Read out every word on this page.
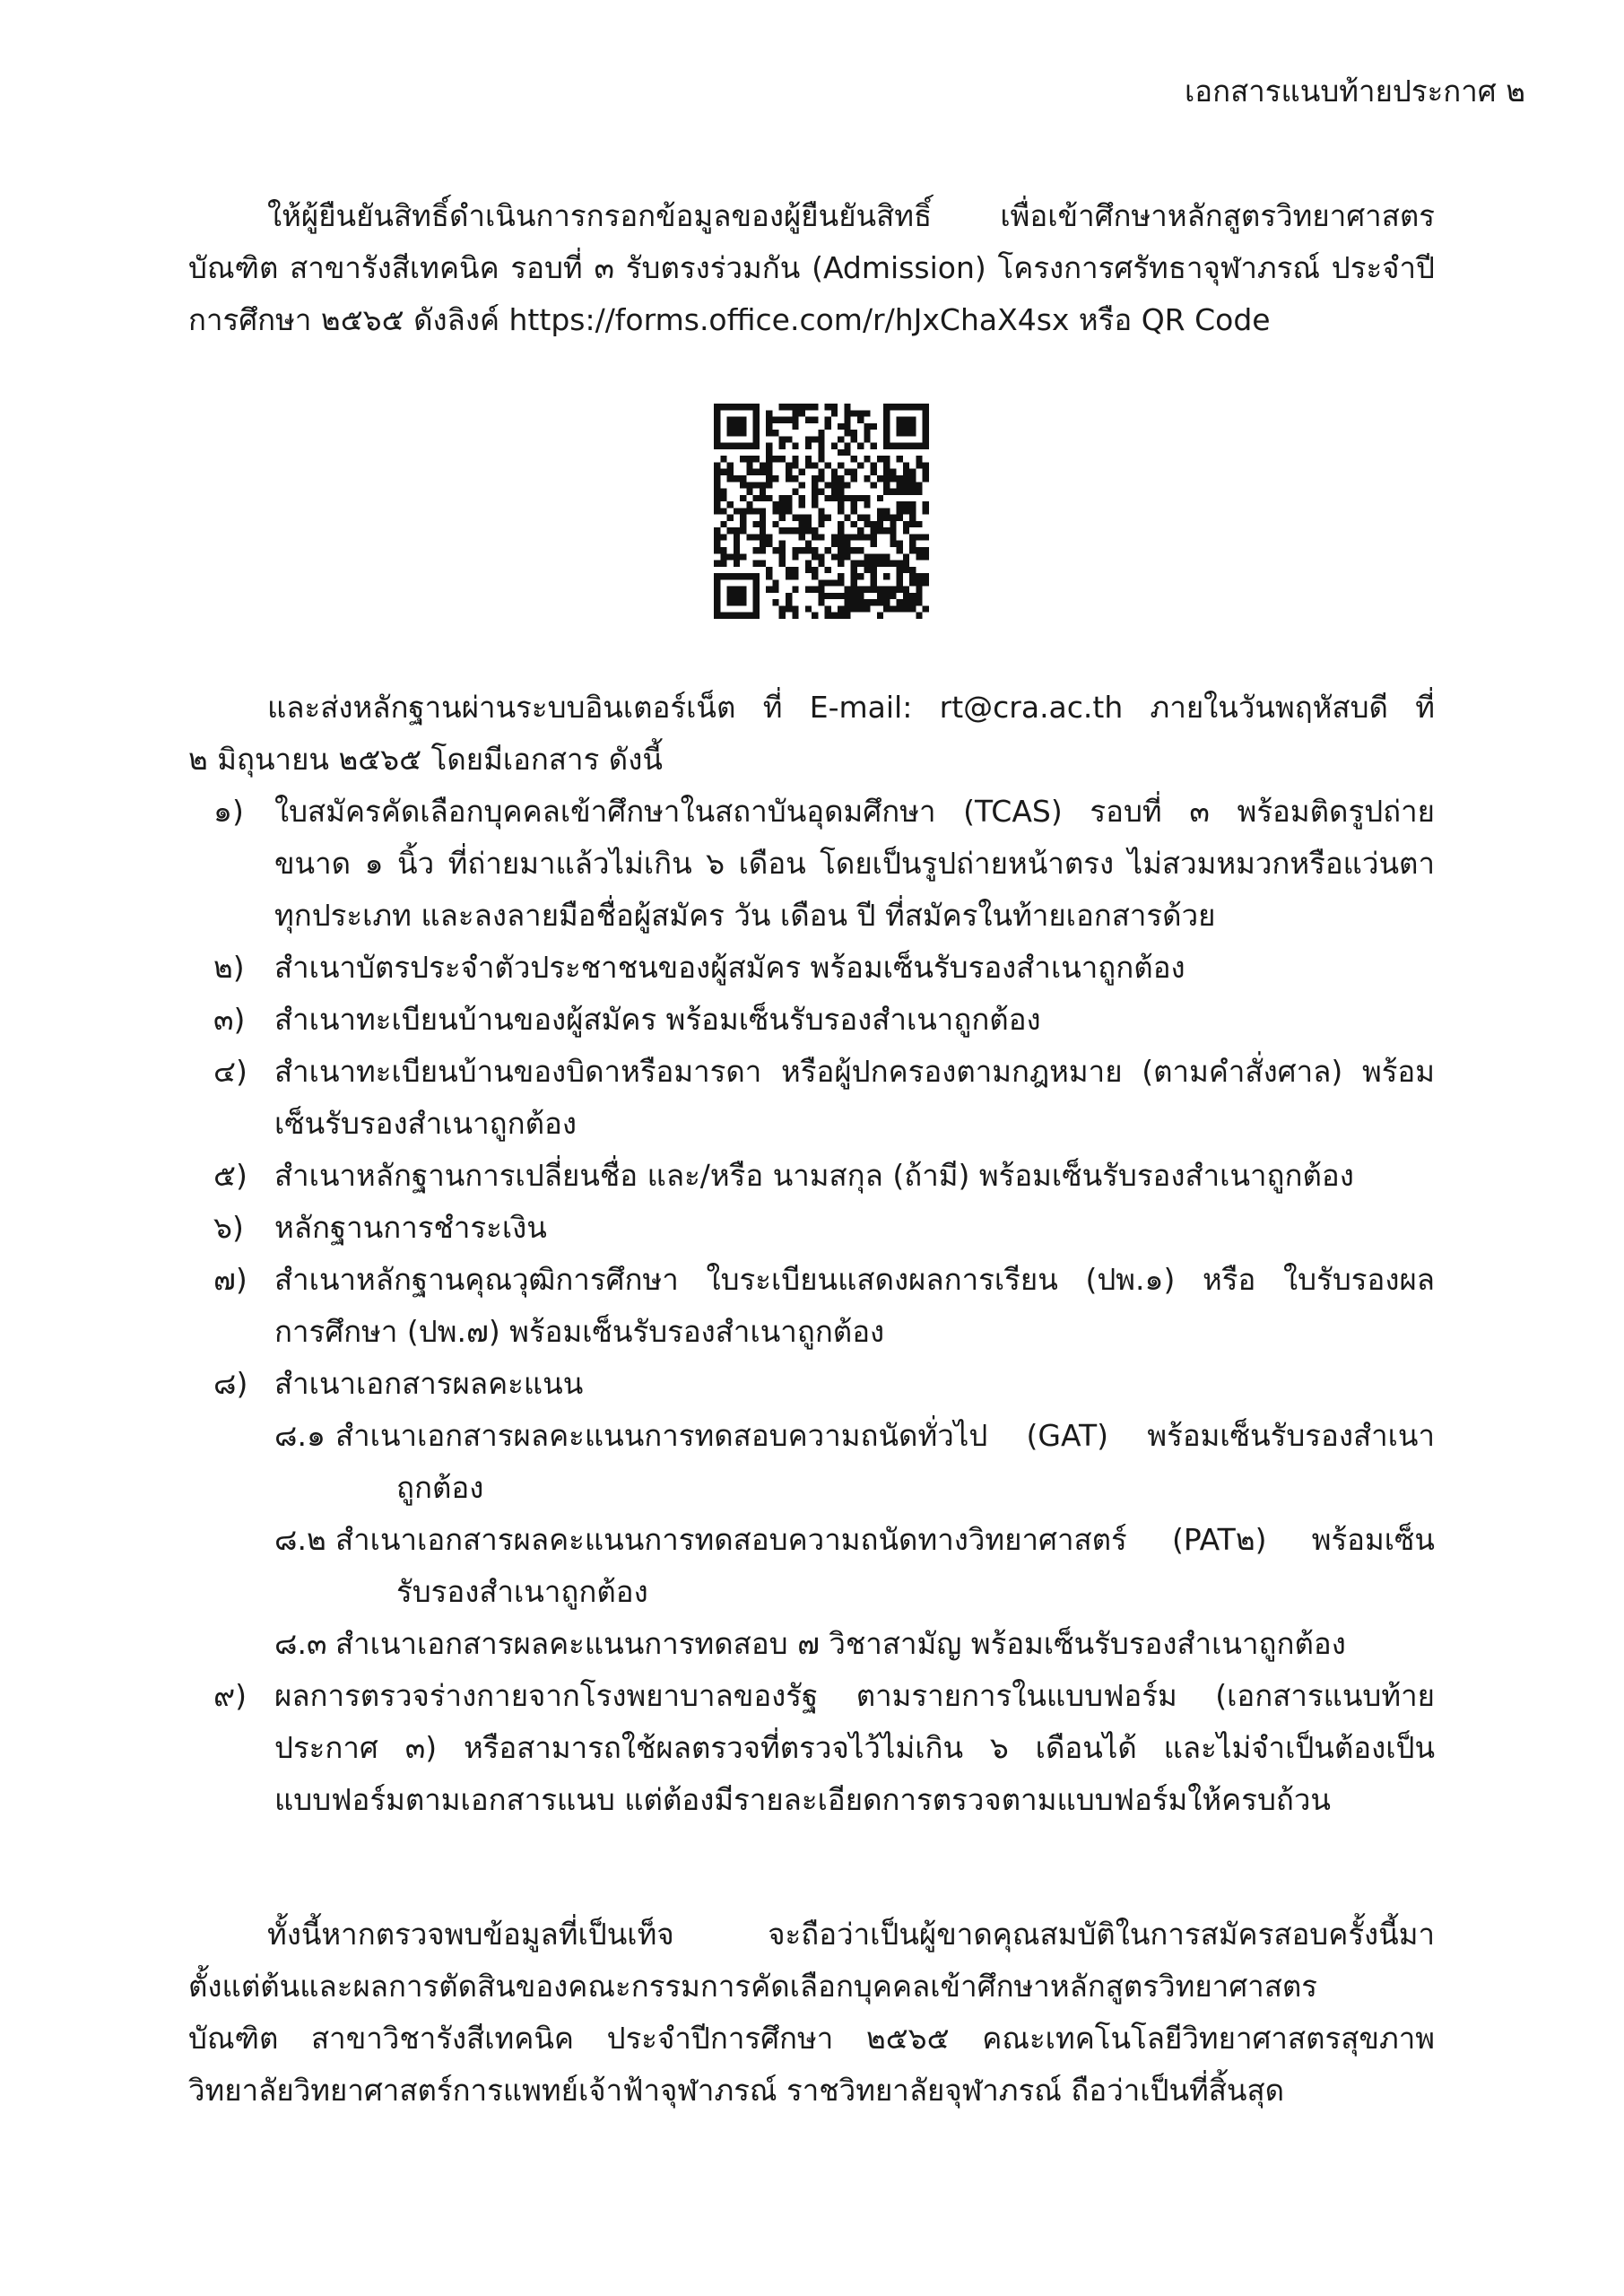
เอกสารแนบท้ายประกาศ ๒
ให้ผู้ยืนยันสิทธิ์ดำเนินการกรอกข้อมูลของผู้ยืนยันสิทธิ์ เพื่อเข้าศึกษาหลักสูตรวิทยาศาสตร
บัณฑิต สาขารังสีเทคนิค รอบที่ ๓ รับตรงร่วมกัน (Admission) โครงการศรัทธาจุฬาภรณ์ ประจำปี
การศึกษา ๒๕๖๕ ดังลิงค์ https://forms.office.com/r/hJxChaX4sx หรือ QR Code
และส่งหลักฐานผ่านระบบอินเตอร์เน็ต ที่ E-mail: rt@cra.ac.th ภายในวันพฤหัสบดี ที่
๒ มิถุนายน ๒๕๖๕ โดยมีเอกสาร ดังนี้
๑) ใบสมัครคัดเลือกบุคคลเข้าศึกษาในสถาบันอุดมศึกษา (TCAS) รอบที่ ๓ พร้อมติดรูปถ่าย
ขนาด ๑ นิ้ว ที่ถ่ายมาแล้วไม่เกิน ๖ เดือน โดยเป็นรูปถ่ายหน้าตรง ไม่สวมหมวกหรือแว่นตา
ทุกประเภท และลงลายมือชื่อผู้สมัคร วัน เดือน ปี ที่สมัครในท้ายเอกสารด้วย
๒) สำเนาบัตรประจำตัวประชาชนของผู้สมัคร พร้อมเซ็นรับรองสำเนาถูกต้อง
๓) สำเนาทะเบียนบ้านของผู้สมัคร พร้อมเซ็นรับรองสำเนาถูกต้อง
๔) สำเนาทะเบียนบ้านของบิดาหรือมารดา หรือผู้ปกครองตามกฎหมาย (ตามคำสั่งศาล) พร้อม
เซ็นรับรองสำเนาถูกต้อง
๕) สำเนาหลักฐานการเปลี่ยนชื่อ และ/หรือ นามสกุล (ถ้ามี) พร้อมเซ็นรับรองสำเนาถูกต้อง
๖) หลักฐานการชำระเงิน
๗) สำเนาหลักฐานคุณวุฒิการศึกษา ใบระเบียนแสดงผลการเรียน (ปพ.๑) หรือ ใบรับรองผล
การศึกษา (ปพ.๗) พร้อมเซ็นรับรองสำเนาถูกต้อง
๘) สำเนาเอกสารผลคะแนน
๘.๑ สำเนาเอกสารผลคะแนนการทดสอบความถนัดทั่วไป (GAT) พร้อมเซ็นรับรองสำเนา
ถูกต้อง
๘.๒ สำเนาเอกสารผลคะแนนการทดสอบความถนัดทางวิทยาศาสตร์ (PAT๒) พร้อมเซ็น
รับรองสำเนาถูกต้อง
๘.๓ สำเนาเอกสารผลคะแนนการทดสอบ ๗ วิชาสามัญ พร้อมเซ็นรับรองสำเนาถูกต้อง
๙) ผลการตรวจร่างกายจากโรงพยาบาลของรัฐ ตามรายการในแบบฟอร์ม (เอกสารแนบท้าย
ประกาศ ๓) หรือสามารถใช้ผลตรวจที่ตรวจไว้ไม่เกิน ๖ เดือนได้ และไม่จำเป็นต้องเป็น
แบบฟอร์มตามเอกสารแนบ แต่ต้องมีรายละเอียดการตรวจตามแบบฟอร์มให้ครบถ้วน
ทั้งนี้หากตรวจพบข้อมูลที่เป็นเท็จ จะถือว่าเป็นผู้ขาดคุณสมบัติในการสมัครสอบครั้งนี้มา
ตั้งแต่ต้นและผลการตัดสินของคณะกรรมการคัดเลือกบุคคลเข้าศึกษาหลักสูตรวิทยาศาสตร
บัณฑิต สาขาวิชารังสีเทคนิค ประจำปีการศึกษา ๒๕๖๕ คณะเทคโนโลยีวิทยาศาสตรสุขภาพ
วิทยาลัยวิทยาศาสตร์การแพทย์เจ้าฟ้าจุฬาภรณ์ ราชวิทยาลัยจุฬาภรณ์ ถือว่าเป็นที่สิ้นสุด
